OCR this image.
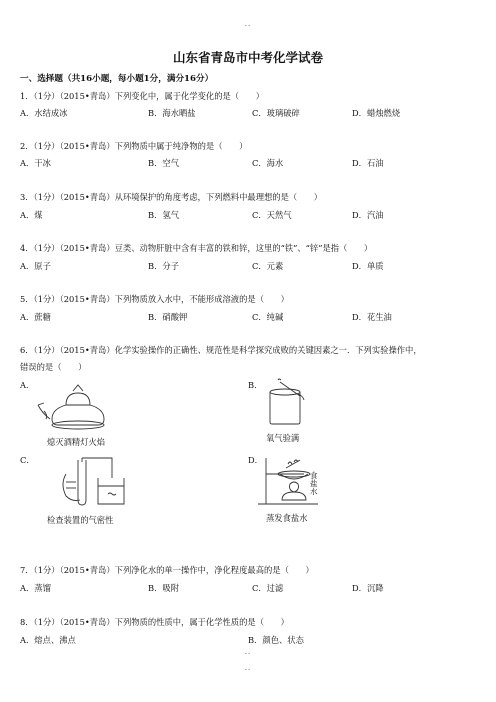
..
山东省青岛市中考化学试卷
一、选择题（共16小题，每小题1分，满分16分）
1．（1分）（2015•青岛）下列变化中，属于化学变化的是（　　）
A．水结成冰	B．海水晒盐	C．玻璃破碎	D．蜡烛燃烧
2．（1分）（2015•青岛）下列物质中属于纯净物的是（　　）
A．干冰	B．空气	C．海水	D．石油
3．（1分）（2015•青岛）从环境保护的角度考虑，下列燃料中最理想的是（　　）
A．煤	B．氢气	C．天然气	D．汽油
4．（1分）（2015•青岛）豆类、动物肝脏中含有丰富的铁和锌，这里的“铁”、“锌”是指（　　）
A．原子	B．分子	C．元素	D．单质
5．（1分）（2015•青岛）下列物质放入水中，不能形成溶液的是（　　）
A．蔗糖	B．硝酸钾	C．纯碱	D．花生油
6．（1分）（2015•青岛）化学实验操作的正确性、规范性是科学探究成败的关键因素之一．下列实验操作中，
错误的是（　　）
A．	B．
熄灭酒精灯火焰	氧气验满
C．	D．
检查装置的气密性
食盐水
蒸发食盐水
7．（1分）（2015•青岛）下列净化水的单一操作中，净化程度最高的是（　　）
A．蒸馏	B．吸附	C．过滤	D．沉降
8．（1分）（2015•青岛）下列物质的性质中，属于化学性质的是（　　）
A．熔点、沸点	B．颜色、状态
..
..
